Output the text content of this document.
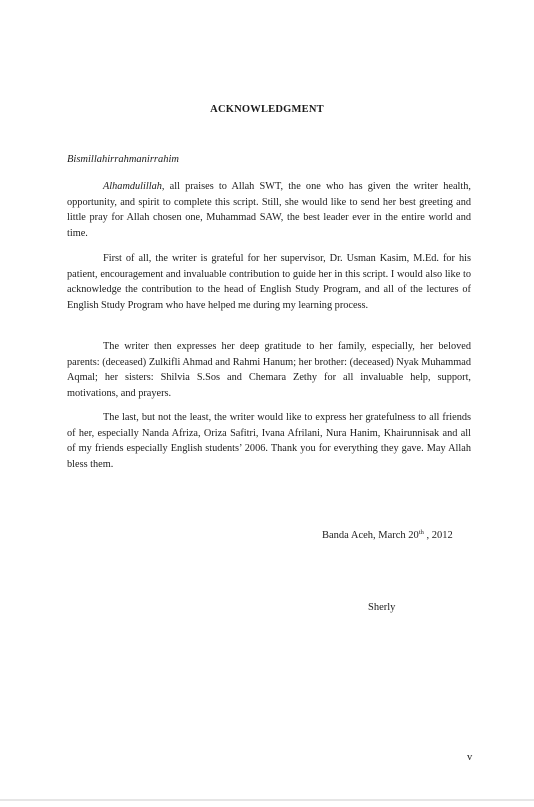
ACKNOWLEDGMENT
Bismillahirrahmanirrahim

Alhamdulillah, all praises to Allah SWT, the one who has given the writer health, opportunity, and spirit to complete this script. Still, she would like to send her best greeting and little pray for Allah chosen one, Muhammad SAW, the best leader ever in the entire world and time.

First of all, the writer is grateful for her supervisor, Dr. Usman Kasim, M.Ed. for his patient, encouragement and invaluable contribution to guide her in this script. I would also like to acknowledge the contribution to the head of English Study Program, and all of the lectures of English Study Program who have helped me during my learning process.

The writer then expresses her deep gratitude to her family, especially, her beloved parents: (deceased) Zulkifli Ahmad and Rahmi Hanum; her brother: (deceased) Nyak Muhammad Aqmal; her sisters: Shilvia S.Sos and Chemara Zethy for all invaluable help, support, motivations, and prayers.

The last, but not the least, the writer would like to express her gratefulness to all friends of her, especially Nanda Afriza, Oriza Safitri, Ivana Afrilani, Nura Hanim, Khairunnisak and all of my friends especially English students’ 2006. Thank you for everything they gave. May Allah bless them.

Banda Aceh, March 20th , 2012
Sherly
v
